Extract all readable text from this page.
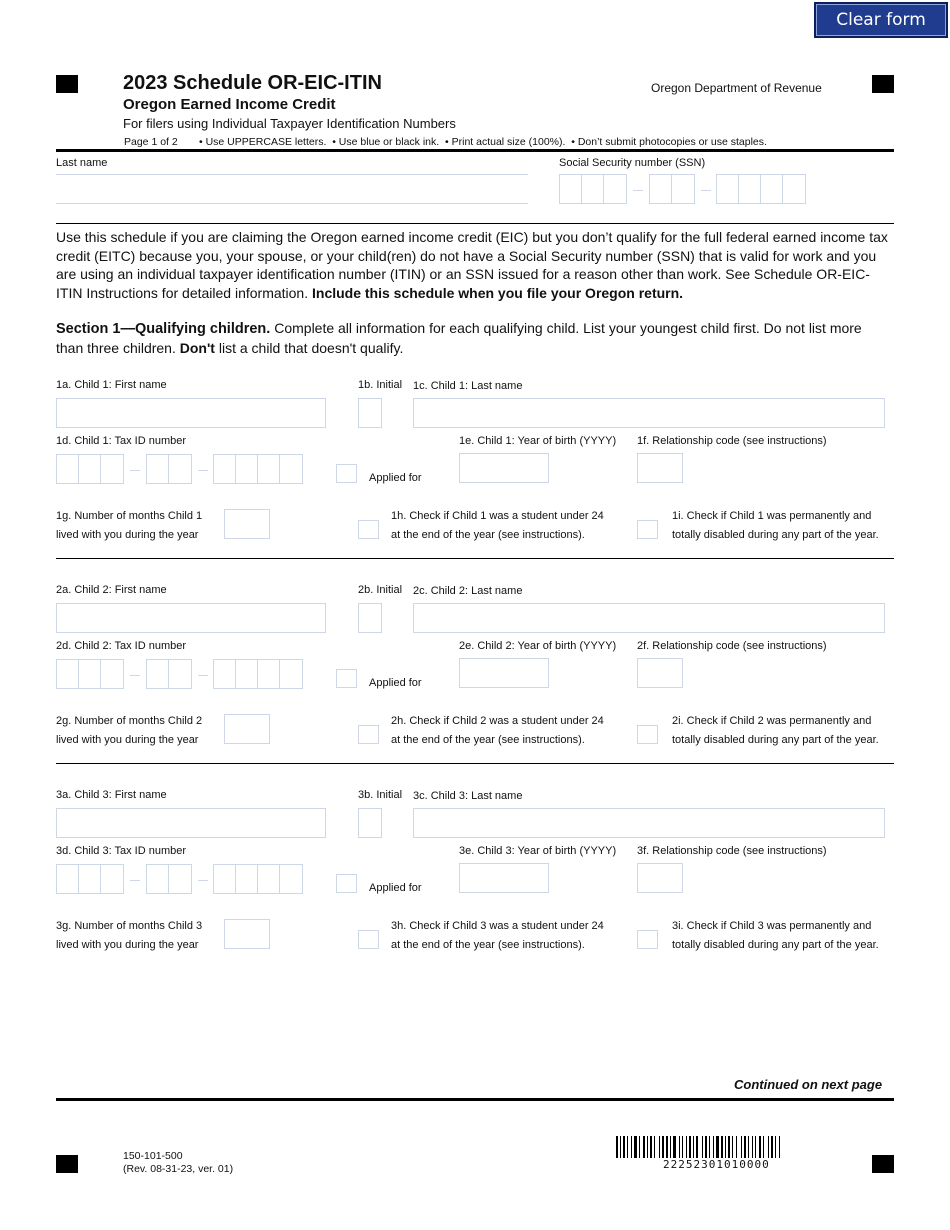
Clear form
2023 Schedule OR-EIC-ITIN
Oregon Earned Income Credit
For filers using Individual Taxpayer Identification Numbers
Oregon Department of Revenue
Page 1 of 2 • Use UPPERCASE letters.  • Use blue or black ink.  • Print actual size (100%).  • Don’t submit photocopies or use staples.
Last name	Social Security number (SSN)
Use this schedule if you are claiming the Oregon earned income credit (EIC) but you don’t qualify for the full federal earned income tax credit (EITC) because you, your spouse, or your child(ren) do not have a Social Security number (SSN) that is valid for work and you are using an individual taxpayer identification number (ITIN) or an SSN issued for a reason other than work. See Schedule OR-EIC-ITIN Instructions for detailed information. Include this schedule when you file your Oregon return.
Section 1—Qualifying children. Complete all information for each qualifying child. List your youngest child first. Do not list more than three children. Don't list a child that doesn't qualify.
1a. Child 1: First name	1b. Initial 1c. Child 1: Last name
1d. Child 1: Tax ID number
Applied for
1e. Child 1: Year of birth (YYYY) 1f. Relationship code (see instructions)
1g. Number of months Child 1
lived with you during the year
1h. Check if Child 1 was a student under 24
at the end of the year (see instructions).
1i. Check if Child 1 was permanently and
totally disabled during any part of the year.
2a. Child 2: First name	2b. Initial 2c. Child 2: Last name
2d. Child 2: Tax ID number
Applied for
2e. Child 2: Year of birth (YYYY) 2f. Relationship code (see instructions)
2g. Number of months Child 2
lived with you during the year
2h. Check if Child 2 was a student under 24
at the end of the year (see instructions).
2i. Check if Child 2 was permanently and
totally disabled during any part of the year.
3a. Child 3: First name	3b. Initial 3c. Child 3: Last name
3d. Child 3: Tax ID number
Applied for
3e. Child 3: Year of birth (YYYY) 3f. Relationship code (see instructions)
3g. Number of months Child 3
lived with you during the year
3h. Check if Child 3 was a student under 24
at the end of the year (see instructions).
3i. Check if Child 3 was permanently and
totally disabled during any part of the year.
Continued on next page
150-101-500
(Rev. 08-31-23, ver. 01)	22252301010000
